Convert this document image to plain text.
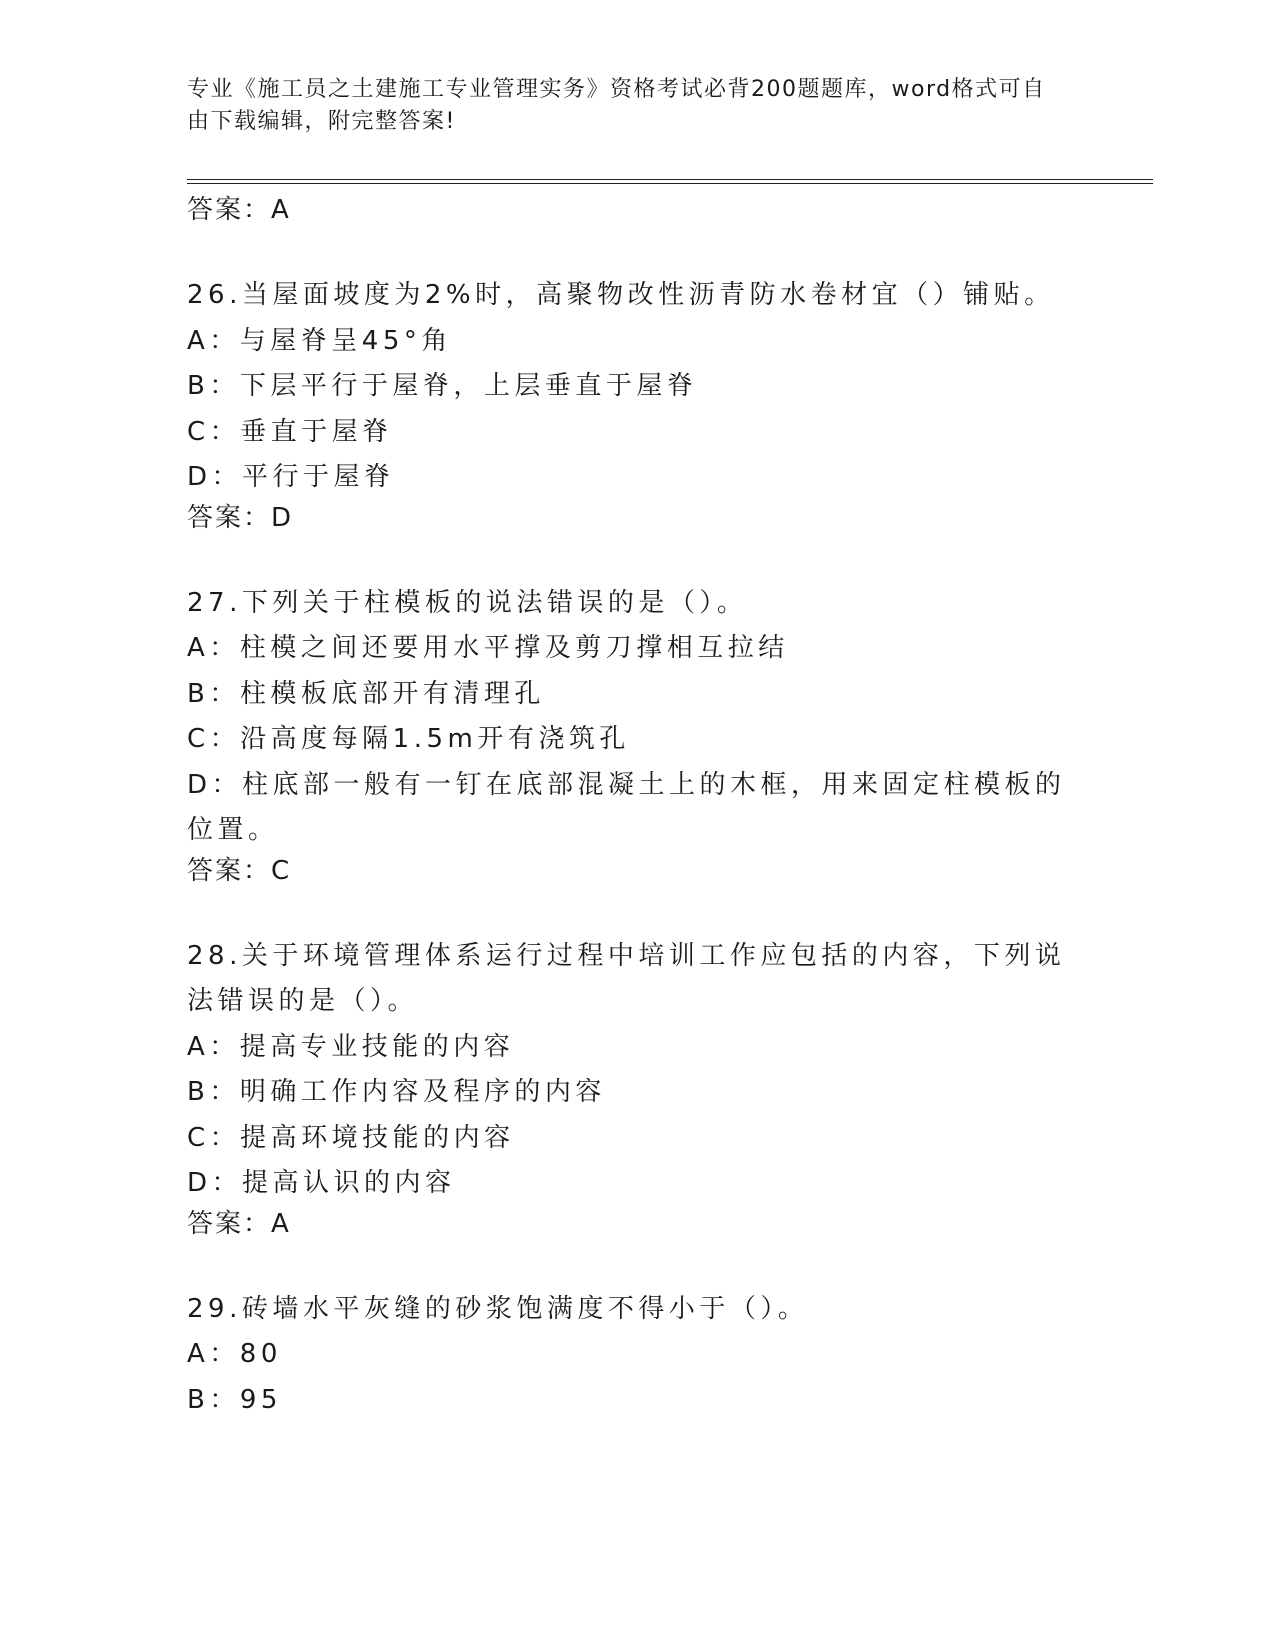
专业《施工员之土建施工专业管理实务》资格考试必背200题题库，word格式可自由下载编辑，附完整答案!
答案：A
26.当屋面坡度为2%时，高聚物改性沥青防水卷材宜（）铺贴。
A：与屋脊呈45°角
B：下层平行于屋脊，上层垂直于屋脊
C：垂直于屋脊
D：平行于屋脊
答案：D
27.下列关于柱模板的说法错误的是（）。
A：柱模之间还要用水平撑及剪刀撑相互拉结
B：柱模板底部开有清理孔
C：沿高度每隔1.5m开有浇筑孔
D：柱底部一般有一钉在底部混凝土上的木框，用来固定柱模板的位置。
答案：C
28.关于环境管理体系运行过程中培训工作应包括的内容，下列说法错误的是（）。
A：提高专业技能的内容
B：明确工作内容及程序的内容
C：提高环境技能的内容
D：提高认识的内容
答案：A
29.砖墙水平灰缝的砂浆饱满度不得小于（）。
A：80
B：95
